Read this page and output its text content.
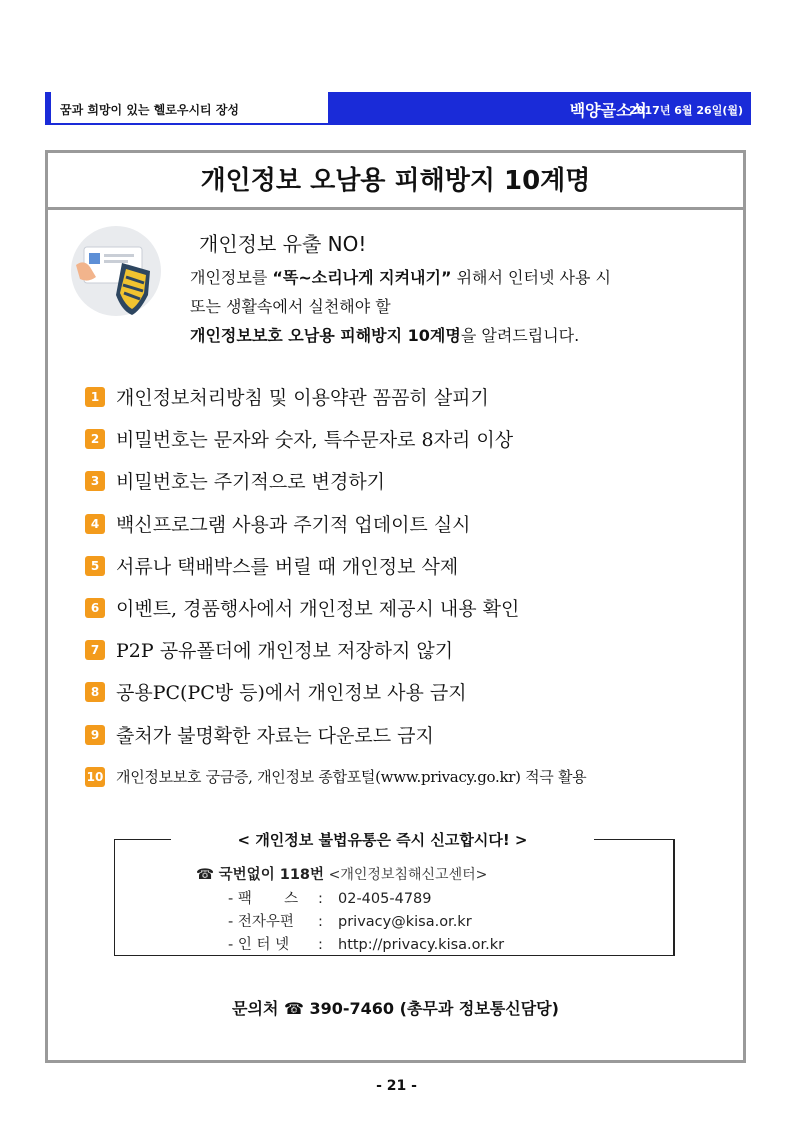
꿈과 희망이 있는 헬로우시티 장성	백양골소식
2017년 6월 26일(월)
개인정보 오남용 피해방지 10계명
개인정보 유출 NO!
개인정보를 “똑~소리나게 지켜내기” 위해서 인터넷 사용 시
또는 생활속에서 실천해야 할
개인정보보호 오남용 피해방지 10계명을 알려드립니다.
1 개인정보처리방침 및 이용약관 꼼꼼히 살피기
2 비밀번호는 문자와 숫자, 특수문자로 8자리 이상
3 비밀번호는 주기적으로 변경하기
4 백신프로그램 사용과 주기적 업데이트 실시
5 서류나 택배박스를 버릴 때 개인정보 삭제
6 이벤트, 경품행사에서 개인정보 제공시 내용 확인
7 P2P 공유폴더에 개인정보 저장하지 않기
8 공용PC(PC방 등)에서 개인정보 사용 금지
9 출처가 불명확한 자료는 다운로드 금지
10 개인정보보호 궁금증, 개인정보 종합포털(www.privacy.go.kr) 적극 활용
< 개인정보 불법유통은 즉시 신고합시다! >
☎ 국번없이 118번 <개인정보침해신고센터>
- 팩       스 : 02-405-4789
- 전자우편 : privacy@kisa.or.kr
- 인 터 넷 : http://privacy.kisa.or.kr
문의처 ☎ 390-7460 (총무과 정보통신담당)
- 21 -
